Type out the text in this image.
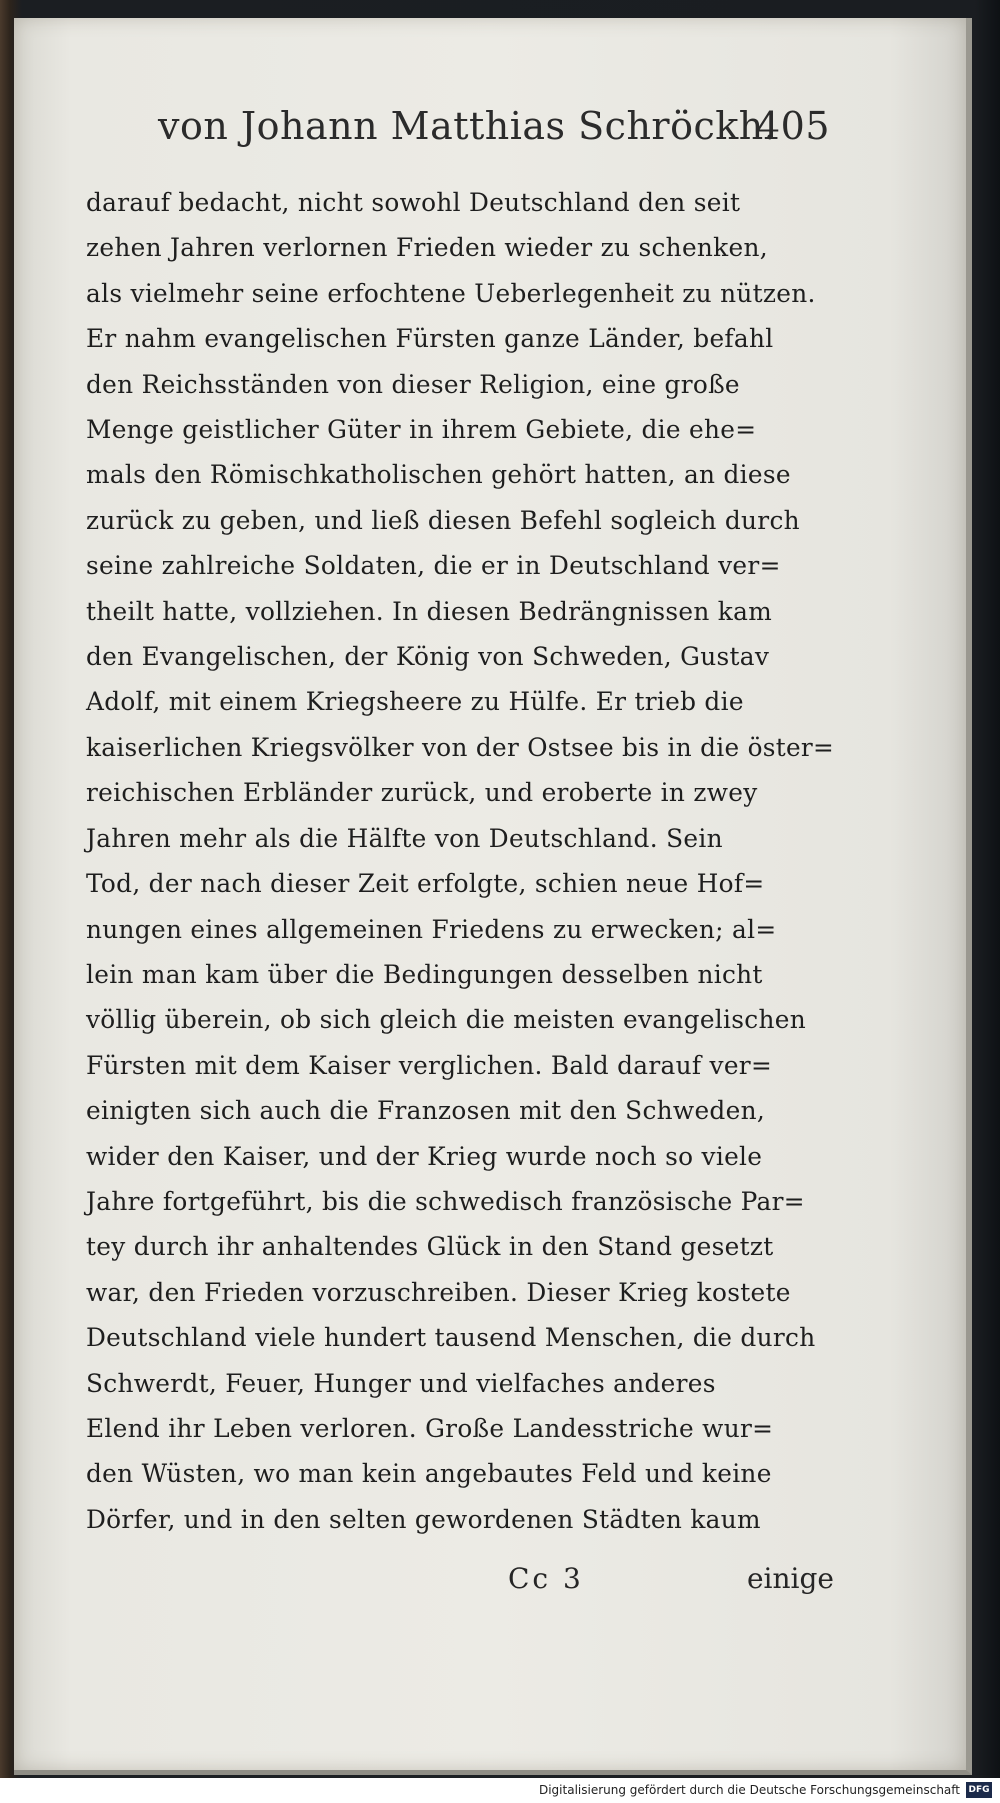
von Johann Matthias Schröckh.
405
darauf bedacht, nicht sowohl Deutschland den seit
zehen Jahren verlornen Frieden wieder zu schenken,
als vielmehr seine erfochtene Ueberlegenheit zu nützen.
Er nahm evangelischen Fürsten ganze Länder, befahl
den Reichsständen von dieser Religion, eine große
Menge geistlicher Güter in ihrem Gebiete, die ehe=
mals den Römischkatholischen gehört hatten, an diese
zurück zu geben, und ließ diesen Befehl sogleich durch
seine zahlreiche Soldaten, die er in Deutschland ver=
theilt hatte, vollziehen. In diesen Bedrängnissen kam
den Evangelischen, der König von Schweden, Gustav
Adolf, mit einem Kriegsheere zu Hülfe. Er trieb die
kaiserlichen Kriegsvölker von der Ostsee bis in die öster=
reichischen Erbländer zurück, und eroberte in zwey
Jahren mehr als die Hälfte von Deutschland. Sein
Tod, der nach dieser Zeit erfolgte, schien neue Hof=
nungen eines allgemeinen Friedens zu erwecken; al=
lein man kam über die Bedingungen desselben nicht
völlig überein, ob sich gleich die meisten evangelischen
Fürsten mit dem Kaiser verglichen. Bald darauf ver=
einigten sich auch die Franzosen mit den Schweden,
wider den Kaiser, und der Krieg wurde noch so viele
Jahre fortgeführt, bis die schwedisch französische Par=
tey durch ihr anhaltendes Glück in den Stand gesetzt
war, den Frieden vorzuschreiben. Dieser Krieg kostete
Deutschland viele hundert tausend Menschen, die durch
Schwerdt, Feuer, Hunger und vielfaches anderes
Elend ihr Leben verloren. Große Landesstriche wur=
den Wüsten, wo man kein angebautes Feld und keine
Dörfer, und in den selten gewordenen Städten kaum
Cc 3	einige
Digitalisierung gefördert durch die Deutsche Forschungsgemeinschaft DFG
